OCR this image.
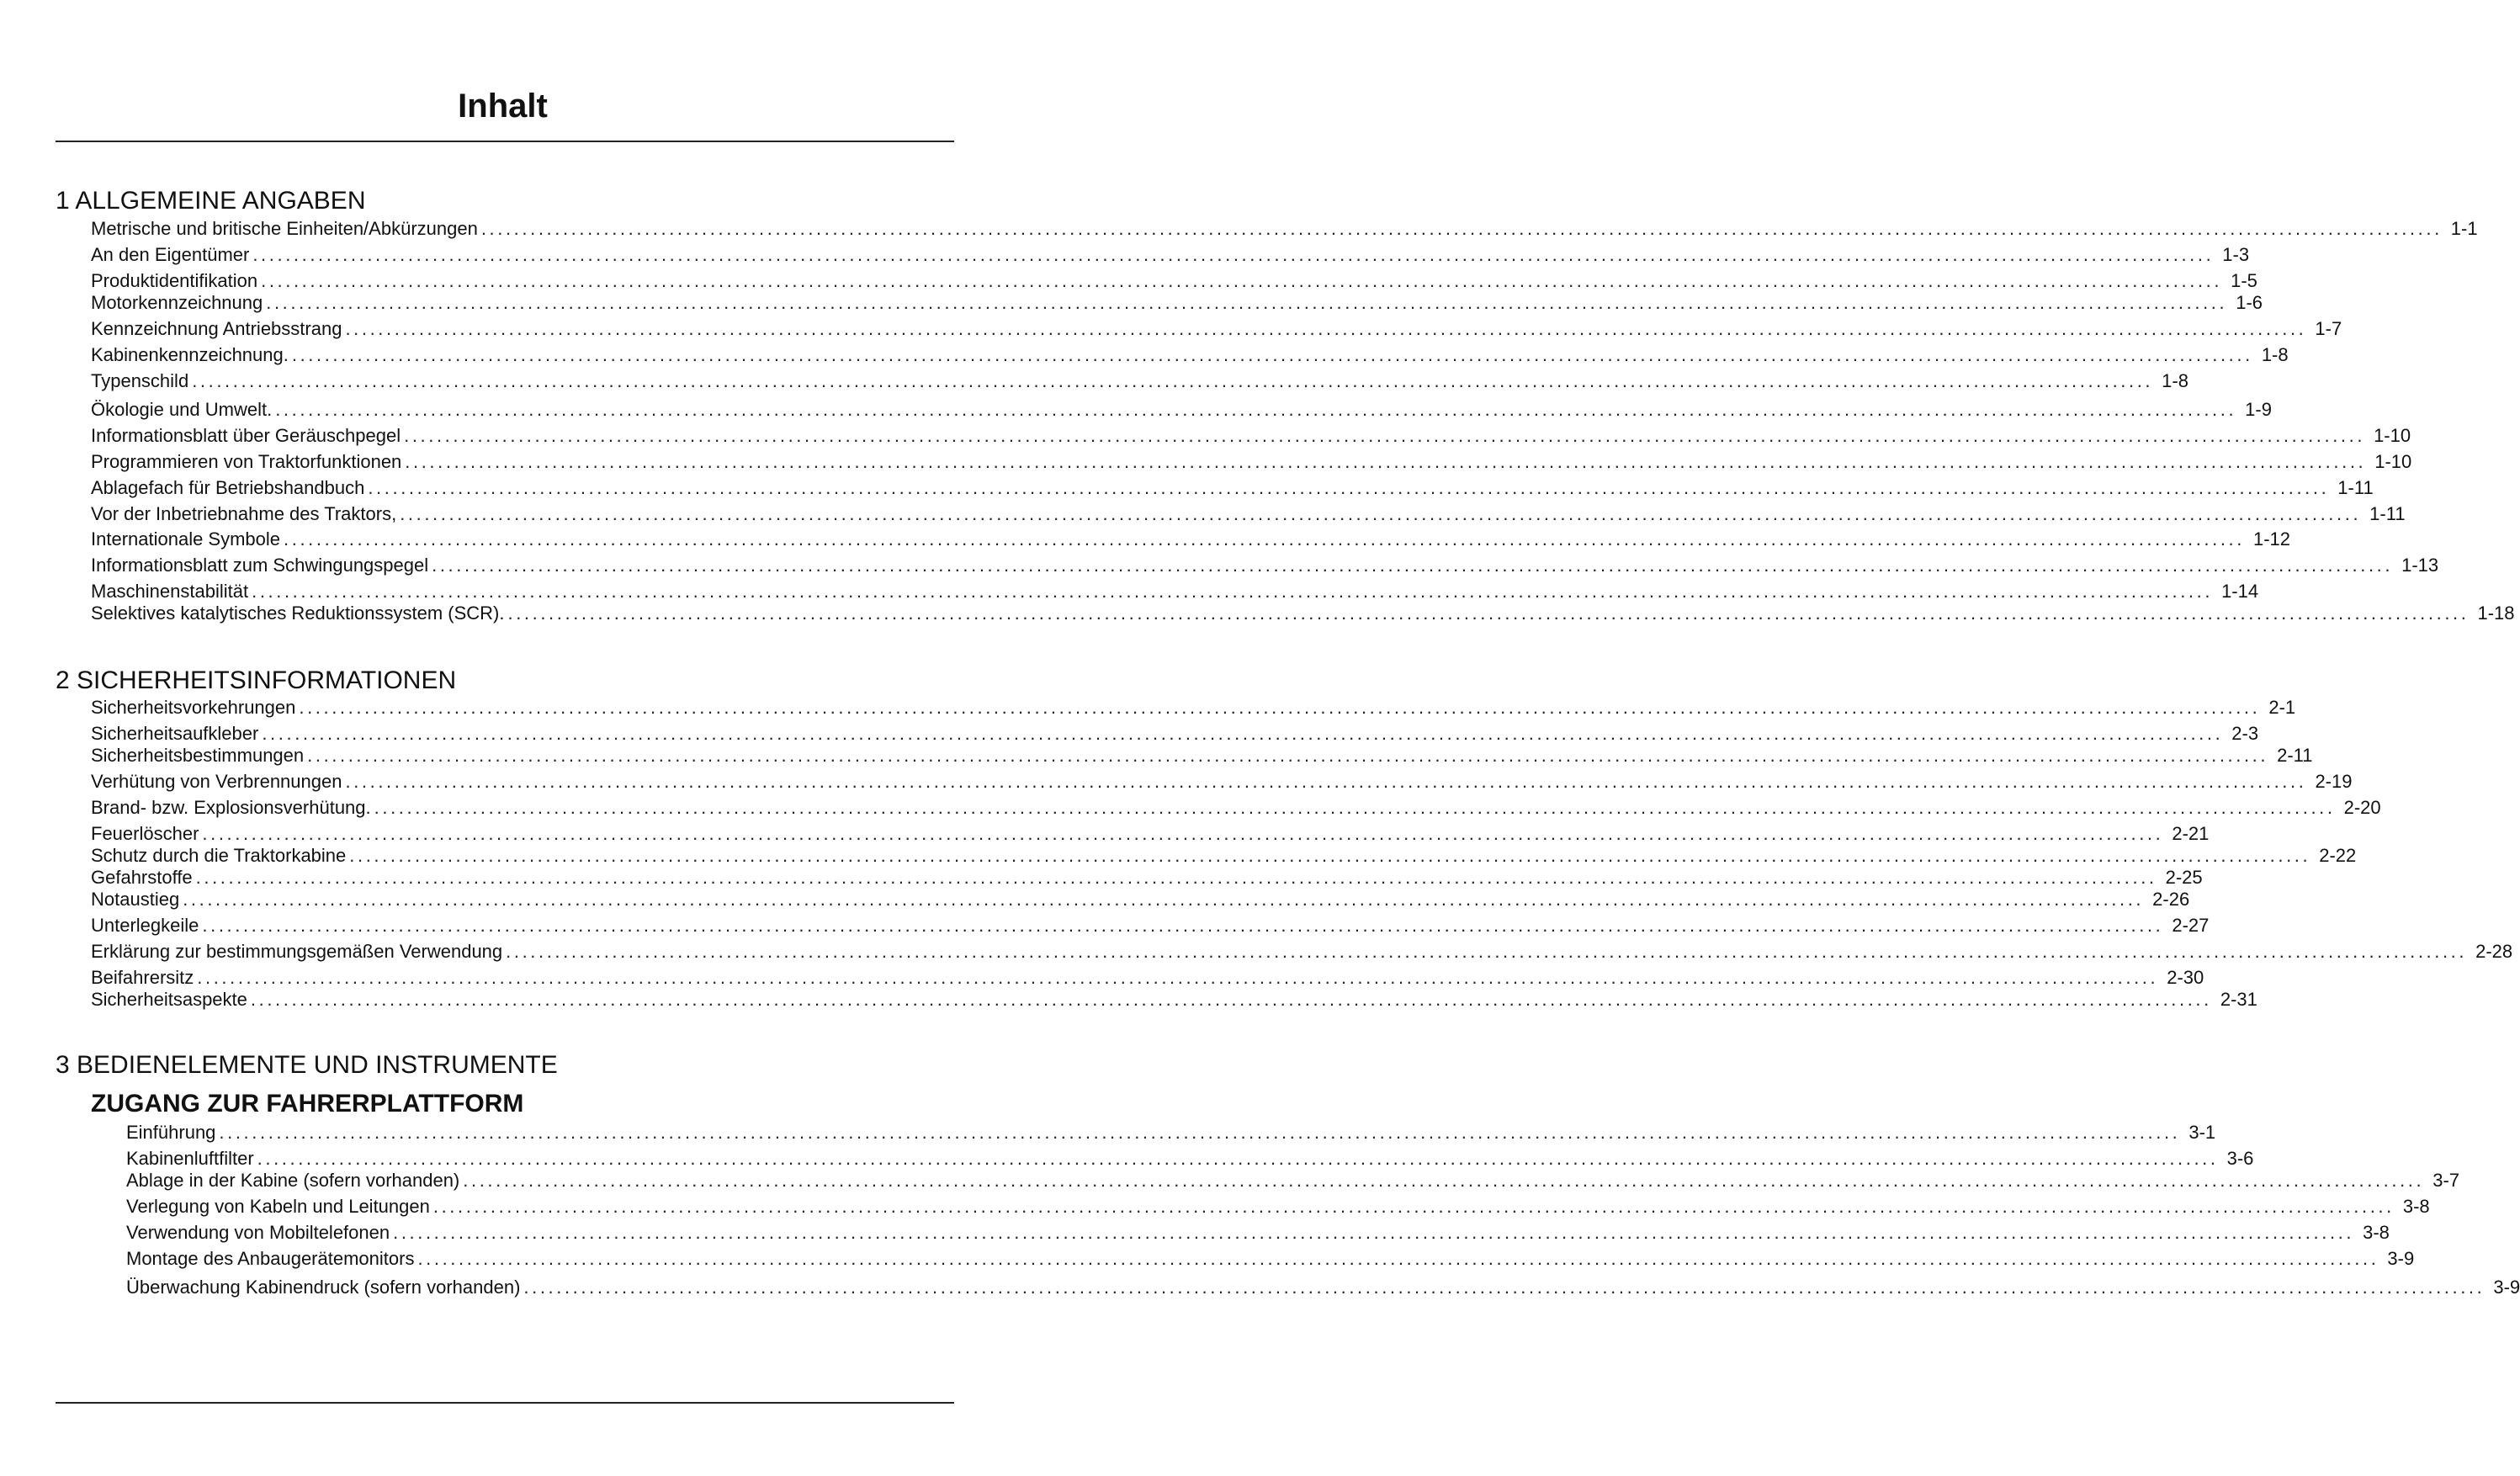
Inhalt
1 ALLGEMEINE ANGABEN
Metrische und britische Einheiten/Abkürzungen ................................................................................................................................................................................................................................................ 1-1
An den Eigentümer ................................................................................................................................................................................................................................................ 1-3
Produktidentifikation ................................................................................................................................................................................................................................................ 1-5
Motorkennzeichnung ................................................................................................................................................................................................................................................ 1-6
Kennzeichnung Antriebsstrang ................................................................................................................................................................................................................................................ 1-7
Kabinenkennzeichnung. ................................................................................................................................................................................................................................................ 1-8
Typenschild ................................................................................................................................................................................................................................................ 1-8
Ökologie und Umwelt. ................................................................................................................................................................................................................................................ 1-9
Informationsblatt über Geräuschpegel ................................................................................................................................................................................................................................................ 1-10
Programmieren von Traktorfunktionen ................................................................................................................................................................................................................................................ 1-10
Ablagefach für Betriebshandbuch ................................................................................................................................................................................................................................................ 1-11
Vor der Inbetriebnahme des Traktors, ................................................................................................................................................................................................................................................ 1-11
Internationale Symbole ................................................................................................................................................................................................................................................ 1-12
Informationsblatt zum Schwingungspegel ................................................................................................................................................................................................................................................ 1-13
Maschinenstabilität ................................................................................................................................................................................................................................................ 1-14
Selektives katalytisches Reduktionssystem (SCR). ................................................................................................................................................................................................................................................ 1-18
2 SICHERHEITSINFORMATIONEN
Sicherheitsvorkehrungen ................................................................................................................................................................................................................................................ 2-1
Sicherheitsaufkleber ................................................................................................................................................................................................................................................ 2-3
Sicherheitsbestimmungen ................................................................................................................................................................................................................................................ 2-11
Verhütung von Verbrennungen ................................................................................................................................................................................................................................................ 2-19
Brand- bzw. Explosionsverhütung. ................................................................................................................................................................................................................................................ 2-20
Feuerlöscher ................................................................................................................................................................................................................................................ 2-21
Schutz durch die Traktorkabine ................................................................................................................................................................................................................................................ 2-22
Gefahrstoffe ................................................................................................................................................................................................................................................ 2-25
Notaustieg ................................................................................................................................................................................................................................................ 2-26
Unterlegkeile ................................................................................................................................................................................................................................................ 2-27
Erklärung zur bestimmungsgemäßen Verwendung ................................................................................................................................................................................................................................................ 2-28
Beifahrersitz ................................................................................................................................................................................................................................................ 2-30
Sicherheitsaspekte ................................................................................................................................................................................................................................................ 2-31
3 BEDIENELEMENTE UND INSTRUMENTE
ZUGANG ZUR FAHRERPLATTFORM
Einführung ................................................................................................................................................................................................................................................ 3-1
Kabinenluftfilter ................................................................................................................................................................................................................................................ 3-6
Ablage in der Kabine (sofern vorhanden) ................................................................................................................................................................................................................................................ 3-7
Verlegung von Kabeln und Leitungen ................................................................................................................................................................................................................................................ 3-8
Verwendung von Mobiltelefonen ................................................................................................................................................................................................................................................ 3-8
Montage des Anbaugerätemonitors ................................................................................................................................................................................................................................................ 3-9
Überwachung Kabinendruck (sofern vorhanden) ................................................................................................................................................................................................................................................ 3-9
